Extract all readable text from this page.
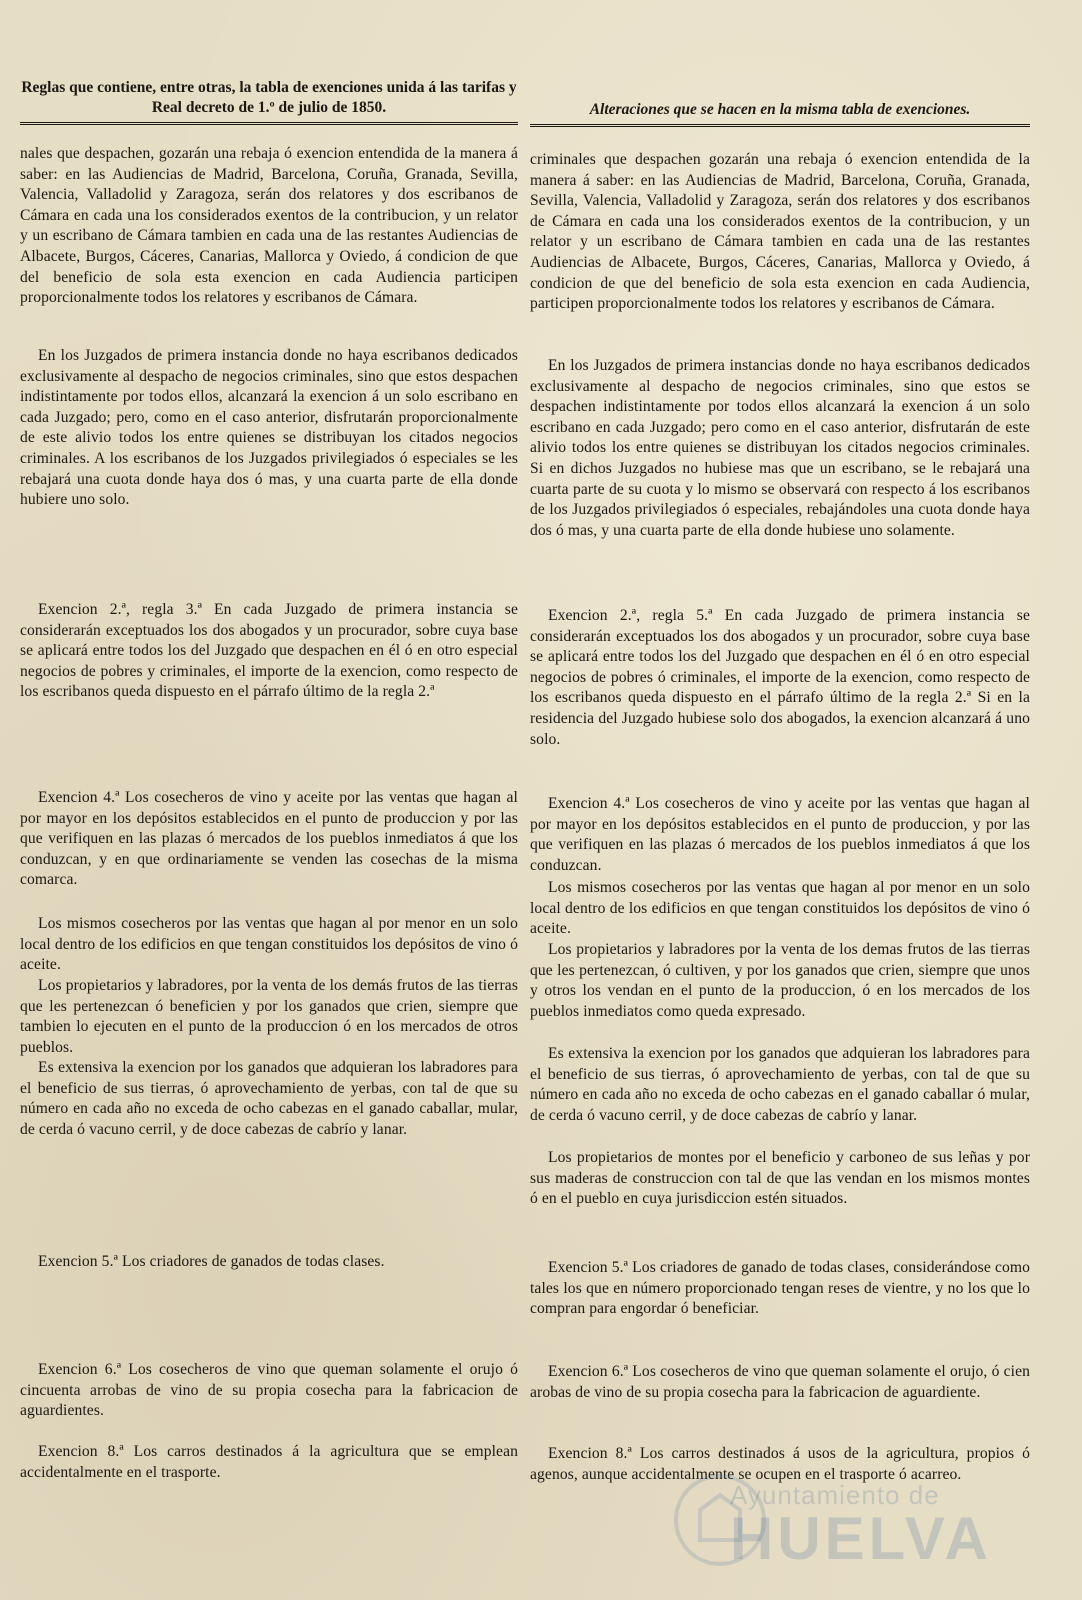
Reglas que contiene, entre otras, la tabla de exenciones unida á las tarifas y Real decreto de 1.º de julio de 1850.
nales que despachen, gozarán una rebaja ó exencion entendida de la manera á saber: en las Audiencias de Madrid, Barcelona, Coruña, Granada, Sevilla, Valencia, Valladolid y Zaragoza, serán dos relatores y dos escribanos de Cámara en cada una los considerados exentos de la contribucion, y un relator y un escribano de Cámara tambien en cada una de las restantes Audiencias de Albacete, Burgos, Cáceres, Canarias, Mallorca y Oviedo, á condicion de que del beneficio de sola esta exencion en cada Audiencia participen proporcionalmente todos los relatores y escribanos de Cámara.
En los Juzgados de primera instancia donde no haya escribanos dedicados exclusivamente al despacho de negocios criminales, sino que estos despachen indistintamente por todos ellos, alcanzará la exencion á un solo escribano en cada Juzgado; pero, como en el caso anterior, disfrutarán proporcionalmente de este alivio todos los entre quienes se distribuyan los citados negocios criminales. A los escribanos de los Juzgados privilegiados ó especiales se les rebajará una cuota donde haya dos ó mas, y una cuarta parte de ella donde hubiere uno solo.
Exencion 2.ª, regla 3.ª En cada Juzgado de primera instancia se considerarán exceptuados los dos abogados y un procurador, sobre cuya base se aplicará entre todos los del Juzgado que despachen en él ó en otro especial negocios de pobres y criminales, el importe de la exencion, como respecto de los escribanos queda dispuesto en el párrafo último de la regla 2.ª
Exencion 4.ª Los cosecheros de vino y aceite por las ventas que hagan al por mayor en los depósitos establecidos en el punto de produccion y por las que verifiquen en las plazas ó mercados de los pueblos inmediatos á que los conduzcan, y en que ordinariamente se venden las cosechas de la misma comarca.
Los mismos cosecheros por las ventas que hagan al por menor en un solo local dentro de los edificios en que tengan constituidos los depósitos de vino ó aceite.
Los propietarios y labradores, por la venta de los demás frutos de las tierras que les pertenezcan ó beneficien y por los ganados que crien, siempre que tambien lo ejecuten en el punto de la produccion ó en los mercados de otros pueblos.
Es extensiva la exencion por los ganados que adquieran los labradores para el beneficio de sus tierras, ó aprovechamiento de yerbas, con tal de que su número en cada año no exceda de ocho cabezas en el ganado caballar, mular, de cerda ó vacuno cerril, y de doce cabezas de cabrío y lanar.
Exencion 5.ª Los criadores de ganados de todas clases.
Exencion 6.ª Los cosecheros de vino que queman solamente el orujo ó cincuenta arrobas de vino de su propia cosecha para la fabricacion de aguardientes.
Exencion 8.ª Los carros destinados á la agricultura que se emplean accidentalmente en el trasporte.
Alteraciones que se hacen en la misma tabla de exenciones.
criminales que despachen gozarán una rebaja ó exencion entendida de la manera á saber: en las Audiencias de Madrid, Barcelona, Coruña, Granada, Sevilla, Valencia, Valladolid y Zaragoza, serán dos relatores y dos escribanos de Cámara en cada una los considerados exentos de la contribucion, y un relator y un escribano de Cámara tambien en cada una de las restantes Audiencias de Albacete, Burgos, Cáceres, Canarias, Mallorca y Oviedo, á condicion de que del beneficio de sola esta exencion en cada Audiencia, participen proporcionalmente todos los relatores y escribanos de Cámara.
En los Juzgados de primera instancias donde no haya escribanos dedicados exclusivamente al despacho de negocios criminales, sino que estos se despachen indistintamente por todos ellos alcanzará la exencion á un solo escribano en cada Juzgado; pero como en el caso anterior, disfrutarán de este alivio todos los entre quienes se distribuyan los citados negocios criminales. Si en dichos Juzgados no hubiese mas que un escribano, se le rebajará una cuarta parte de su cuota y lo mismo se observará con respecto á los escribanos de los Juzgados privilegiados ó especiales, rebajándoles una cuota donde haya dos ó mas, y una cuarta parte de ella donde hubiese uno solamente.
Exencion 2.ª, regla 5.ª En cada Juzgado de primera instancia se considerarán exceptuados los dos abogados y un procurador, sobre cuya base se aplicará entre todos los del Juzgado que despachen en él ó en otro especial negocios de pobres ó criminales, el importe de la exencion, como respecto de los escribanos queda dispuesto en el párrafo último de la regla 2.ª Si en la residencia del Juzgado hubiese solo dos abogados, la exencion alcanzará á uno solo.
Exencion 4.ª Los cosecheros de vino y aceite por las ventas que hagan al por mayor en los depósitos establecidos en el punto de produccion, y por las que verifiquen en las plazas ó mercados de los pueblos inmediatos á que los conduzcan.
Los mismos cosecheros por las ventas que hagan al por menor en un solo local dentro de los edificios en que tengan constituidos los depósitos de vino ó aceite.
Los propietarios y labradores por la venta de los demas frutos de las tierras que les pertenezcan, ó cultiven, y por los ganados que crien, siempre que unos y otros los vendan en el punto de la produccion, ó en los mercados de los pueblos inmediatos como queda expresado.
Es extensiva la exencion por los ganados que adquieran los labradores para el beneficio de sus tierras, ó aprovechamiento de yerbas, con tal de que su número en cada año no exceda de ocho cabezas en el ganado caballar ó mular, de cerda ó vacuno cerril, y de doce cabezas de cabrío y lanar.
Los propietarios de montes por el beneficio y carboneo de sus leñas y por sus maderas de construccion con tal de que las vendan en los mismos montes ó en el pueblo en cuya jurisdiccion estén situados.
Exencion 5.ª Los criadores de ganado de todas clases, considerándose como tales los que en número proporcionado tengan reses de vientre, y no los que lo compran para engordar ó beneficiar.
Exencion 6.ª Los cosecheros de vino que queman solamente el orujo, ó cien arobas de vino de su propia cosecha para la fabricacion de aguardiente.
Exencion 8.ª Los carros destinados á usos de la agricultura, propios ó agenos, aunque accidentalmente se ocupen en el trasporte ó acarreo.
Ayuntamiento de
HUELVA
